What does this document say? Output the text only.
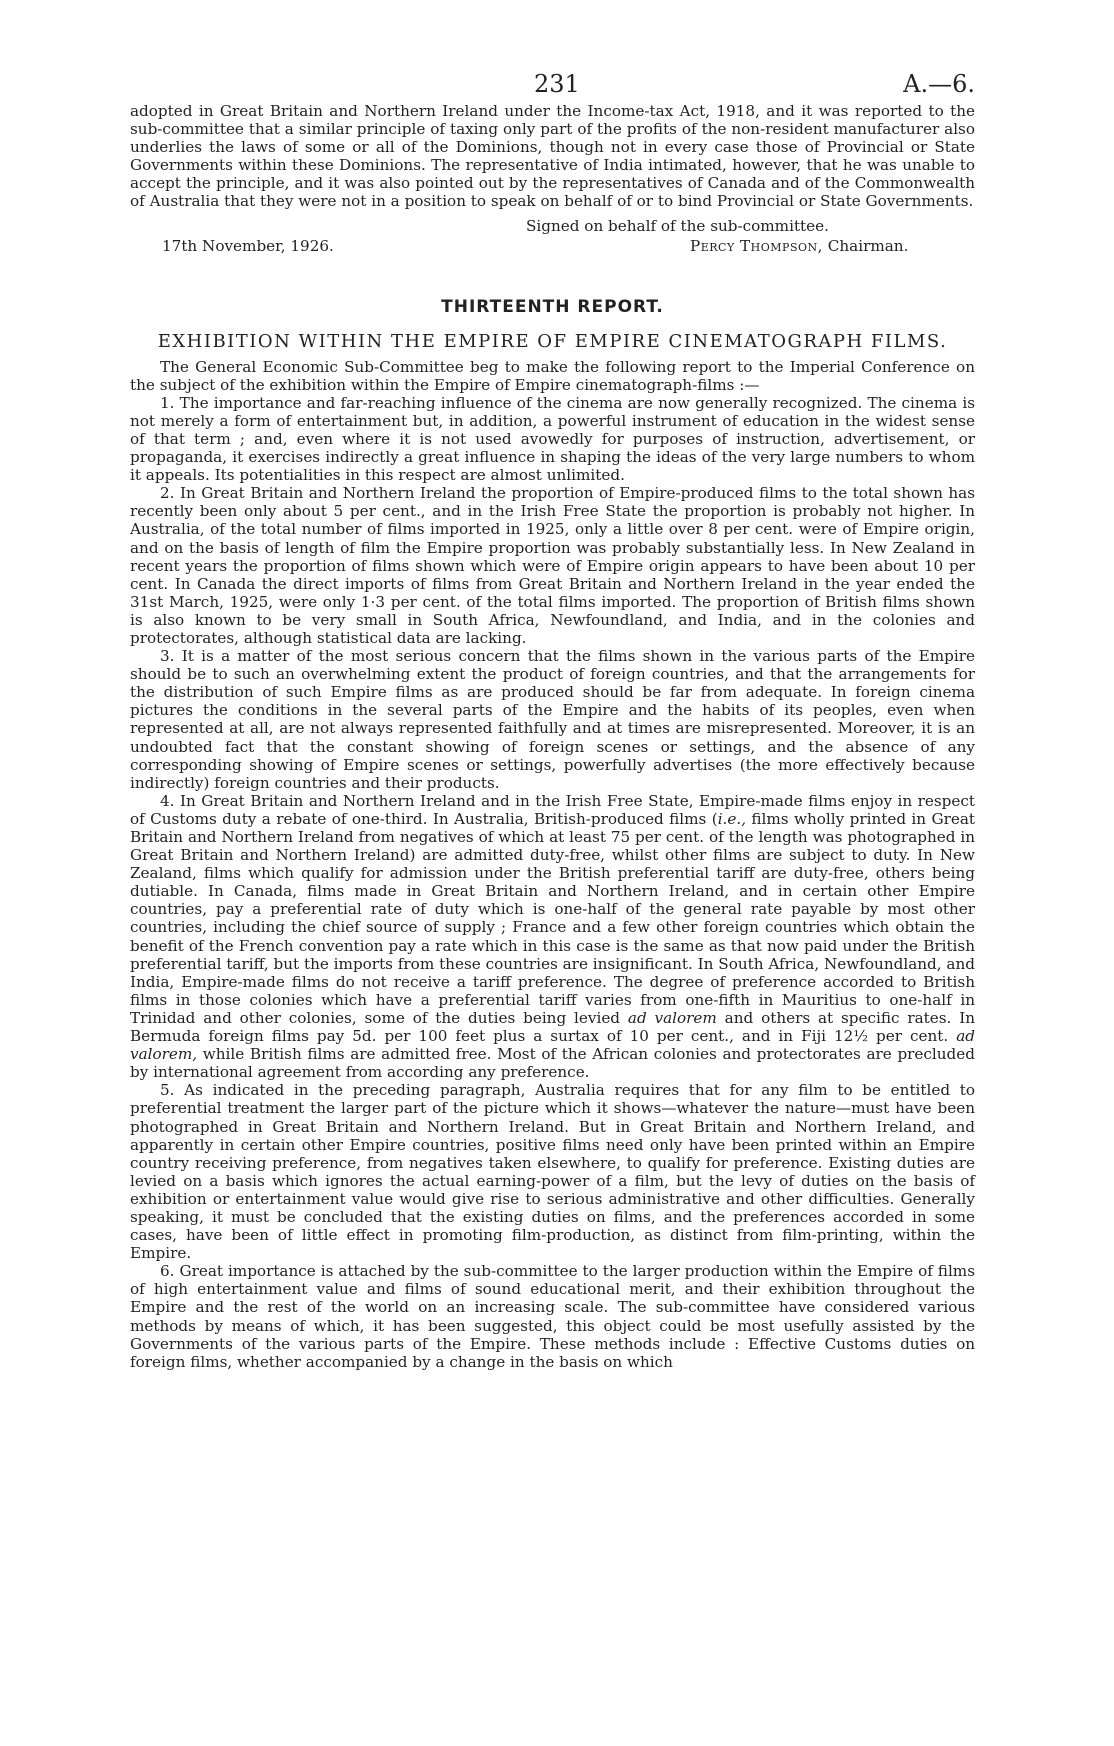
231	A.—6.

adopted in Great Britain and Northern Ireland under the Income-tax Act, 1918, and it was reported to the sub-committee that a similar principle of taxing only part of the profits of the non-resident manufacturer also underlies the laws of some or all of the Dominions, though not in every case those of Provincial or State Governments within these Dominions. The representative of India intimated, however, that he was unable to accept the principle, and it was also pointed out by the representatives of Canada and of the Commonwealth of Australia that they were not in a position to speak on behalf of or to bind Provincial or State Governments.

Signed on behalf of the sub-committee.
17th November, 1926.	Percy Thompson, Chairman.
THIRTEENTH REPORT.
EXHIBITION WITHIN THE EMPIRE OF EMPIRE CINEMATOGRAPH FILMS.

The General Economic Sub-Committee beg to make the following report to the Imperial Conference on the subject of the exhibition within the Empire of Empire cinematograph-films :—

1. The importance and far-reaching influence of the cinema are now generally recognized. The cinema is not merely a form of entertainment but, in addition, a powerful instrument of education in the widest sense of that term ; and, even where it is not used avowedly for purposes of instruction, advertisement, or propaganda, it exercises indirectly a great influence in shaping the ideas of the very large numbers to whom it appeals. Its potentialities in this respect are almost unlimited.

2. In Great Britain and Northern Ireland the proportion of Empire-produced films to the total shown has recently been only about 5 per cent., and in the Irish Free State the proportion is probably not higher. In Australia, of the total number of films imported in 1925, only a little over 8 per cent. were of Empire origin, and on the basis of length of film the Empire proportion was probably substantially less. In New Zealand in recent years the proportion of films shown which were of Empire origin appears to have been about 10 per cent. In Canada the direct imports of films from Great Britain and Northern Ireland in the year ended the 31st March, 1925, were only 1·3 per cent. of the total films imported. The proportion of British films shown is also known to be very small in South Africa, Newfoundland, and India, and in the colonies and protectorates, although statistical data are lacking.

3. It is a matter of the most serious concern that the films shown in the various parts of the Empire should be to such an overwhelming extent the product of foreign countries, and that the arrangements for the distribution of such Empire films as are produced should be far from adequate. In foreign cinema pictures the conditions in the several parts of the Empire and the habits of its peoples, even when represented at all, are not always represented faithfully and at times are misrepresented. Moreover, it is an undoubted fact that the constant showing of foreign scenes or settings, and the absence of any corresponding showing of Empire scenes or settings, powerfully advertises (the more effectively because indirectly) foreign countries and their products.

4. In Great Britain and Northern Ireland and in the Irish Free State, Empire-made films enjoy in respect of Customs duty a rebate of one-third. In Australia, British-produced films (i.e., films wholly printed in Great Britain and Northern Ireland from negatives of which at least 75 per cent. of the length was photographed in Great Britain and Northern Ireland) are admitted duty-free, whilst other films are subject to duty. In New Zealand, films which qualify for admission under the British preferential tariff are duty-free, others being dutiable. In Canada, films made in Great Britain and Northern Ireland, and in certain other Empire countries, pay a preferential rate of duty which is one-half of the general rate payable by most other countries, including the chief source of supply ; France and a few other foreign countries which obtain the benefit of the French convention pay a rate which in this case is the same as that now paid under the British preferential tariff, but the imports from these countries are insignificant. In South Africa, Newfoundland, and India, Empire-made films do not receive a tariff preference. The degree of preference accorded to British films in those colonies which have a preferential tariff varies from one-fifth in Mauritius to one-half in Trinidad and other colonies, some of the duties being levied ad valorem and others at specific rates. In Bermuda foreign films pay 5d. per 100 feet plus a surtax of 10 per cent., and in Fiji 12½ per cent. ad valorem, while British films are admitted free. Most of the African colonies and protectorates are precluded by international agreement from according any preference.

5. As indicated in the preceding paragraph, Australia requires that for any film to be entitled to preferential treatment the larger part of the picture which it shows—whatever the nature—must have been photographed in Great Britain and Northern Ireland. But in Great Britain and Northern Ireland, and apparently in certain other Empire countries, positive films need only have been printed within an Empire country receiving preference, from negatives taken elsewhere, to qualify for preference. Existing duties are levied on a basis which ignores the actual earning-power of a film, but the levy of duties on the basis of exhibition or entertainment value would give rise to serious administrative and other difficulties. Generally speaking, it must be concluded that the existing duties on films, and the preferences accorded in some cases, have been of little effect in promoting film-production, as distinct from film-printing, within the Empire.

6. Great importance is attached by the sub-committee to the larger production within the Empire of films of high entertainment value and films of sound educational merit, and their exhibition throughout the Empire and the rest of the world on an increasing scale. The sub-committee have considered various methods by means of which, it has been suggested, this object could be most usefully assisted by the Governments of the various parts of the Empire. These methods include : Effective Customs duties on foreign films, whether accompanied by a change in the basis on which
